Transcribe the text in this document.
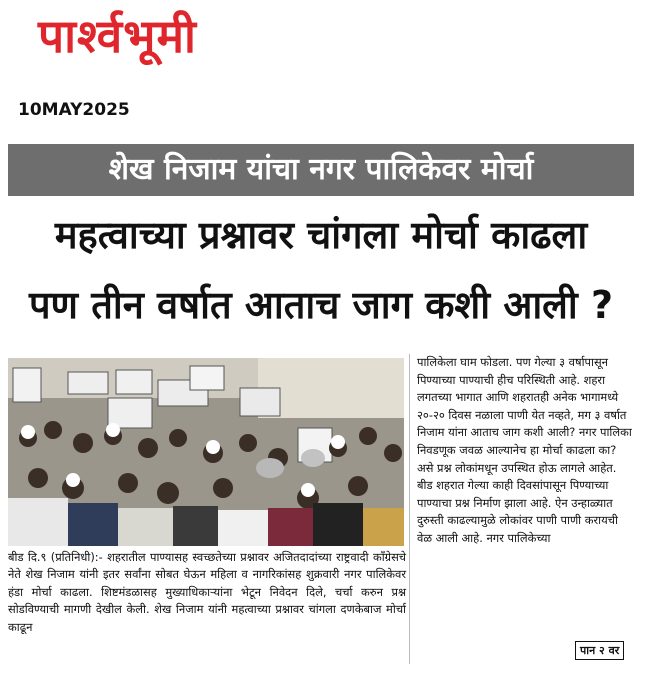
पार्श्वभूमी
10MAY2025
शेख निजाम यांचा नगर पालिकेवर मोर्चा
महत्वाच्या प्रश्नावर चांगला मोर्चा काढला
पण तीन वर्षात आताच जाग कशी आली ?

पालिकेला घाम फोडला. पण गेल्या ३ वर्षापासून पिण्याच्या पाण्याची हीच परिस्थिती आहे. शहरा लगतच्या भागात आणि शहरातही अनेक भागामध्ये २०-२० दिवस नळाला पाणी येत नव्हते, मग ३ वर्षात निजाम यांना आताच जाग कशी आली? नगर पालिका निवडणूक जवळ आल्यानेच हा मोर्चा काढला का? असे प्रश्न लोकांमधून उपस्थित होऊ लागले आहेत.

बीड शहरात गेल्या काही दिवसांपासून पिण्याच्या पाण्याचा प्रश्न निर्माण झाला आहे. ऐन उन्हाळ्यात दुरुस्ती काढल्यामुळे लोकांवर पाणी पाणी करायची वेळ आली आहे. नगर पालिकेच्या

बीड दि.९ (प्रतिनिधी):- शहरातील पाण्यासह स्वच्छतेच्या प्रश्नावर अजितदादांच्या राष्ट्रवादी कॉंग्रेसचे नेते शेख निजाम यांनी इतर सर्वांना सोबत घेऊन महिला व नागरिकांसह शुक्रवारी नगर पालिकेवर हंडा मोर्चा काढला. शिष्टमंडळासह मुख्याधिकाऱ्यांना भेटून निवेदन दिले, चर्चा करुन प्रश्न सोडविण्याची मागणी देखील केली. शेख निजाम यांनी महत्वाच्या प्रश्नावर चांगला दणकेबाज मोर्चा काढून
पान २ वर
